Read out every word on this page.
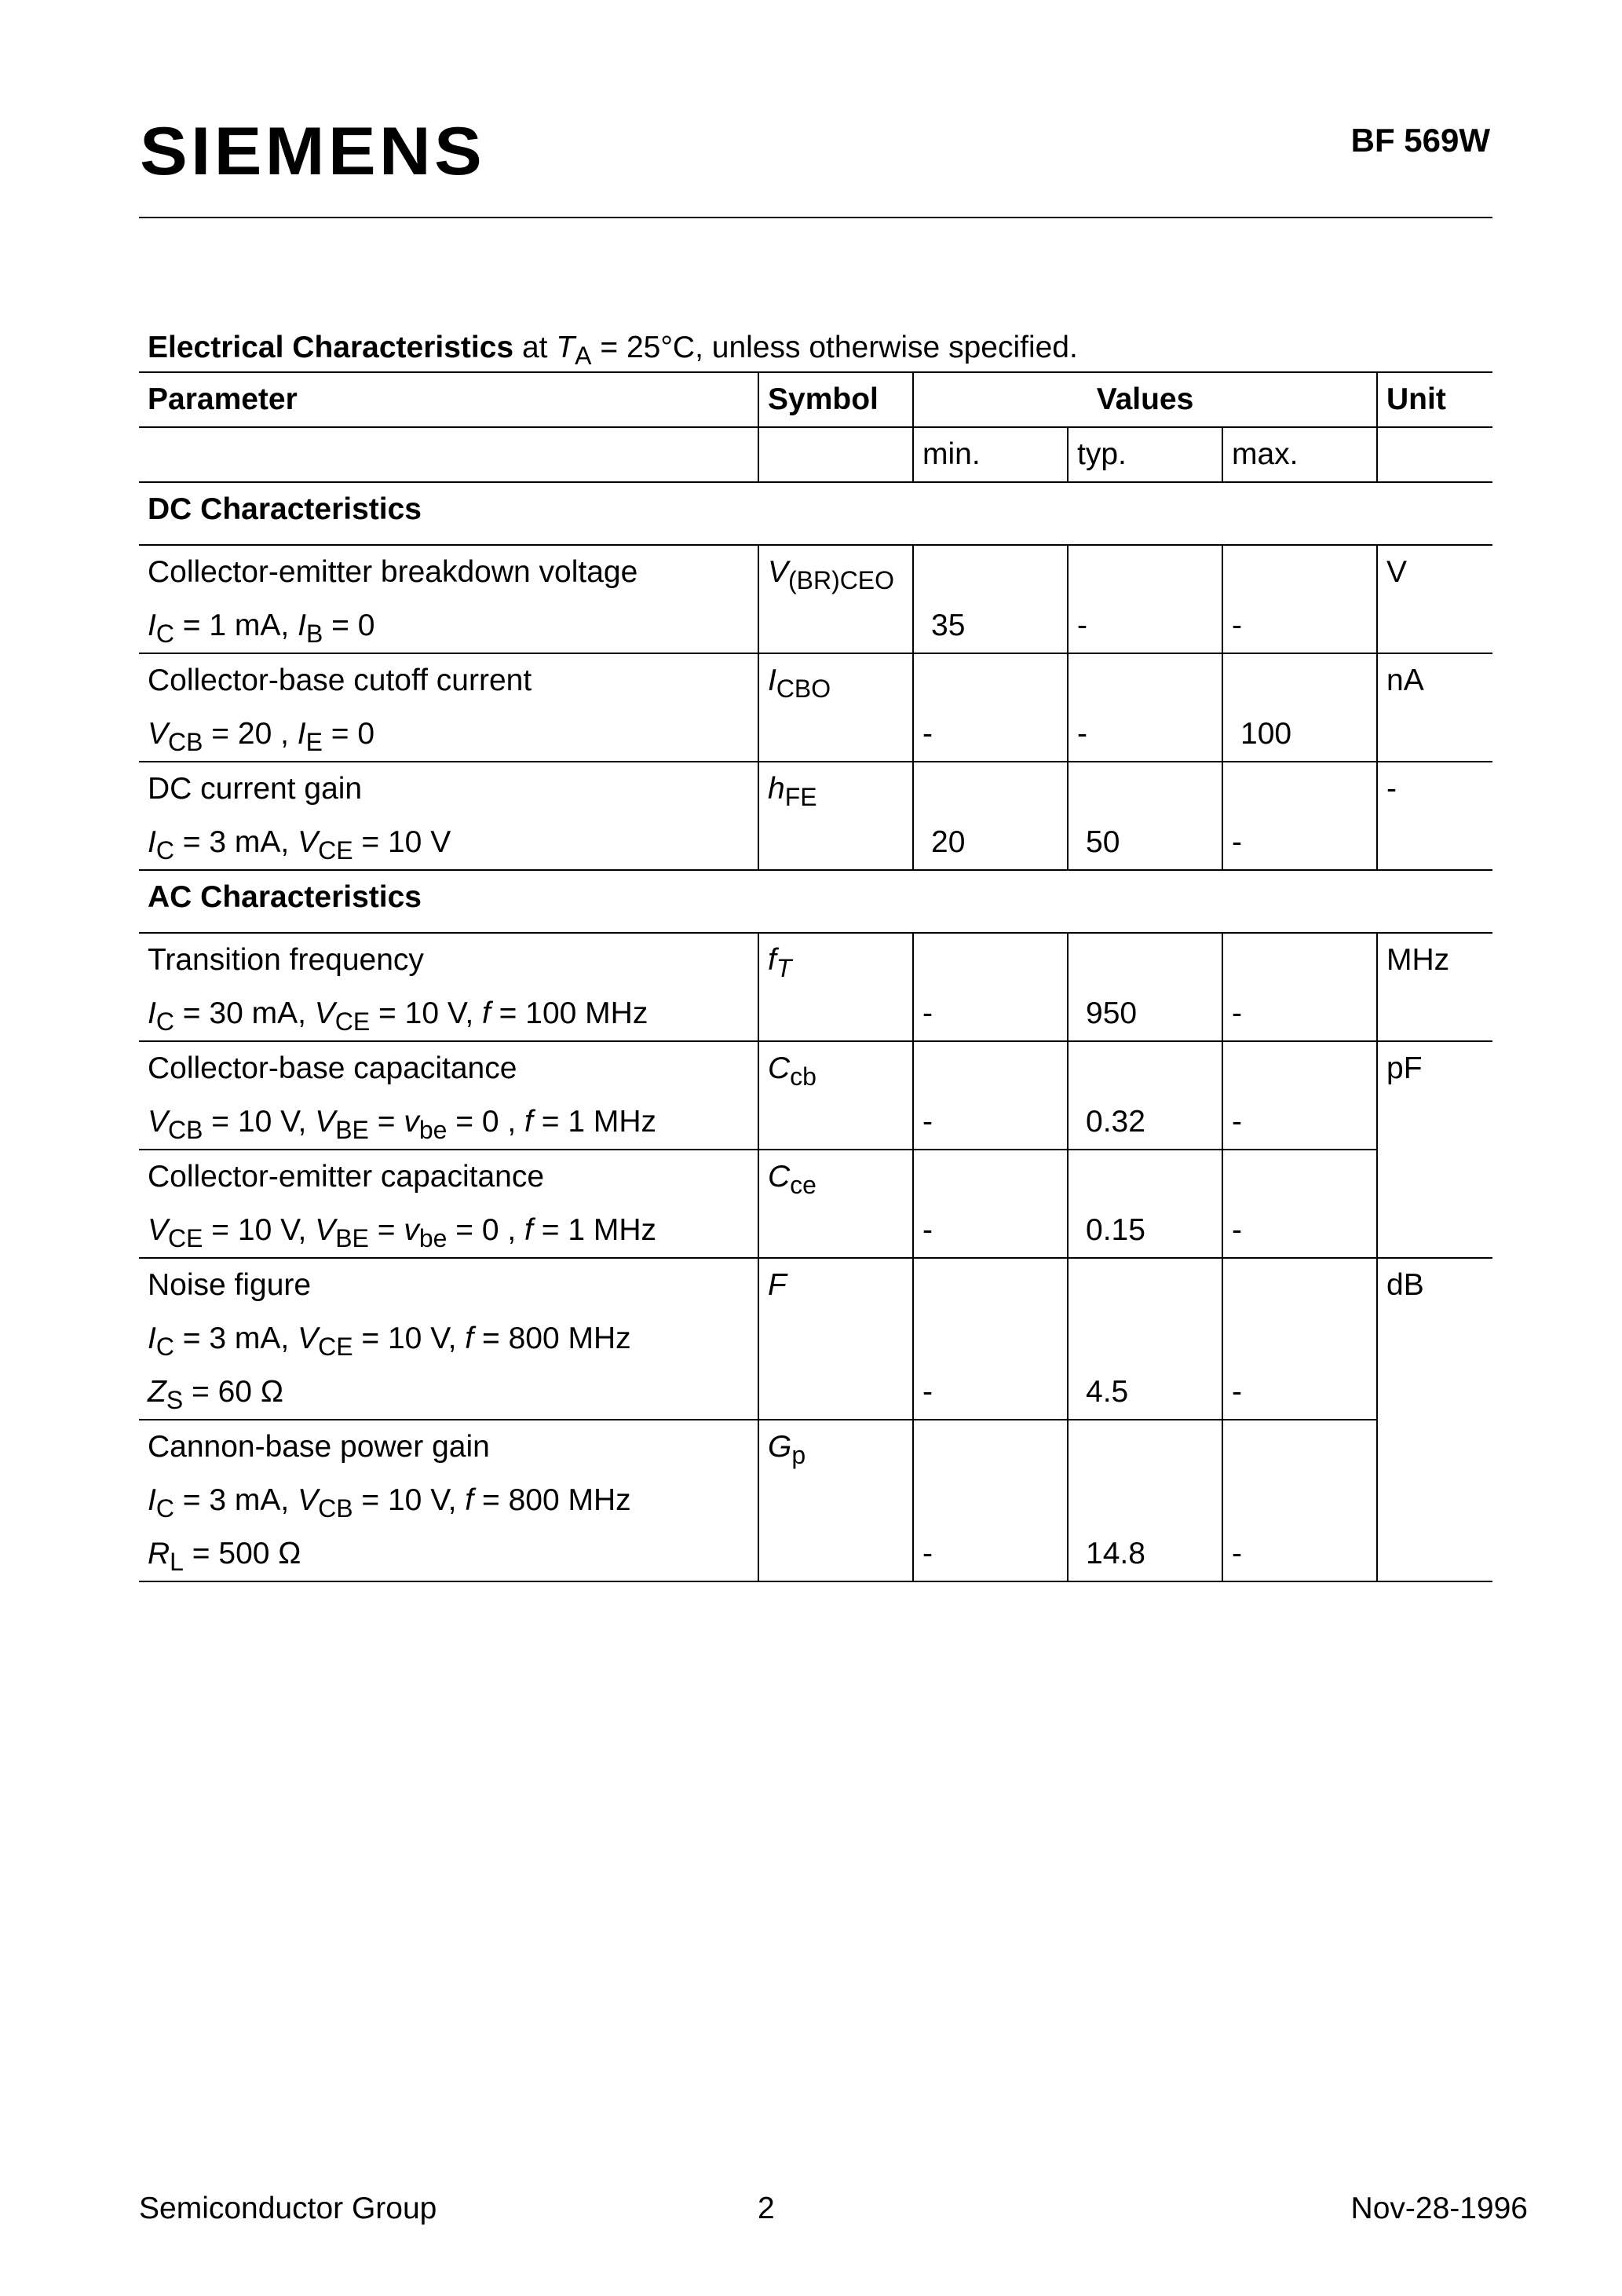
SIEMENS	BF 569W
Electrical Characteristics at $T_A = 25^\circ C$, unless otherwise specified.
Parameter	Symbol	Values			Unit
		min.	typ.	max.	
DC Characteristics					

Collector-emitter breakdown voltage
$I_C = 1$ mA, $I_B = 0$	$V_{(BR)CEO}$	35	-	-	V

Collector-base cutoff current
$V_{CB} = 20$ , $I_E = 0$	$I_{CBO}$	-	-	100	nA

DC current gain
$I_C = 3$ mA, $V_{CE} = 10$ V	$h_{FE}$	20	50	-	-
AC Characteristics					

Transition frequency
$I_C = 30$ mA, $V_{CE} = 10$ V, f = 100 MHz	$f_T$	-	950	-	MHz

Collector-base capacitance
$V_{CB} = 10$ V, $V_{BE} = v_{be} = 0$ , f = 1 MHz	$C_{cb}$	-	0.32	-	pF

Collector-emitter capacitance
$V_{CE} = 10$ V, $V_{BE} = v_{be} = 0$ , f = 1 MHz	$C_{ce}$	-	0.15	-	

Noise figure
$I_C = 3$ mA, $V_{CE} = 10$ V, f = 800 MHz
$Z_S = 60$ Ω	F	-	4.5	-	dB

Cannon-base power gain
$I_C = 3$ mA, $V_{CB} = 10$ V, f = 800 MHz
$R_L = 500$ Ω	$G_p$	-	14.8	-	
Semiconductor Group	2	Nov-28-1996
